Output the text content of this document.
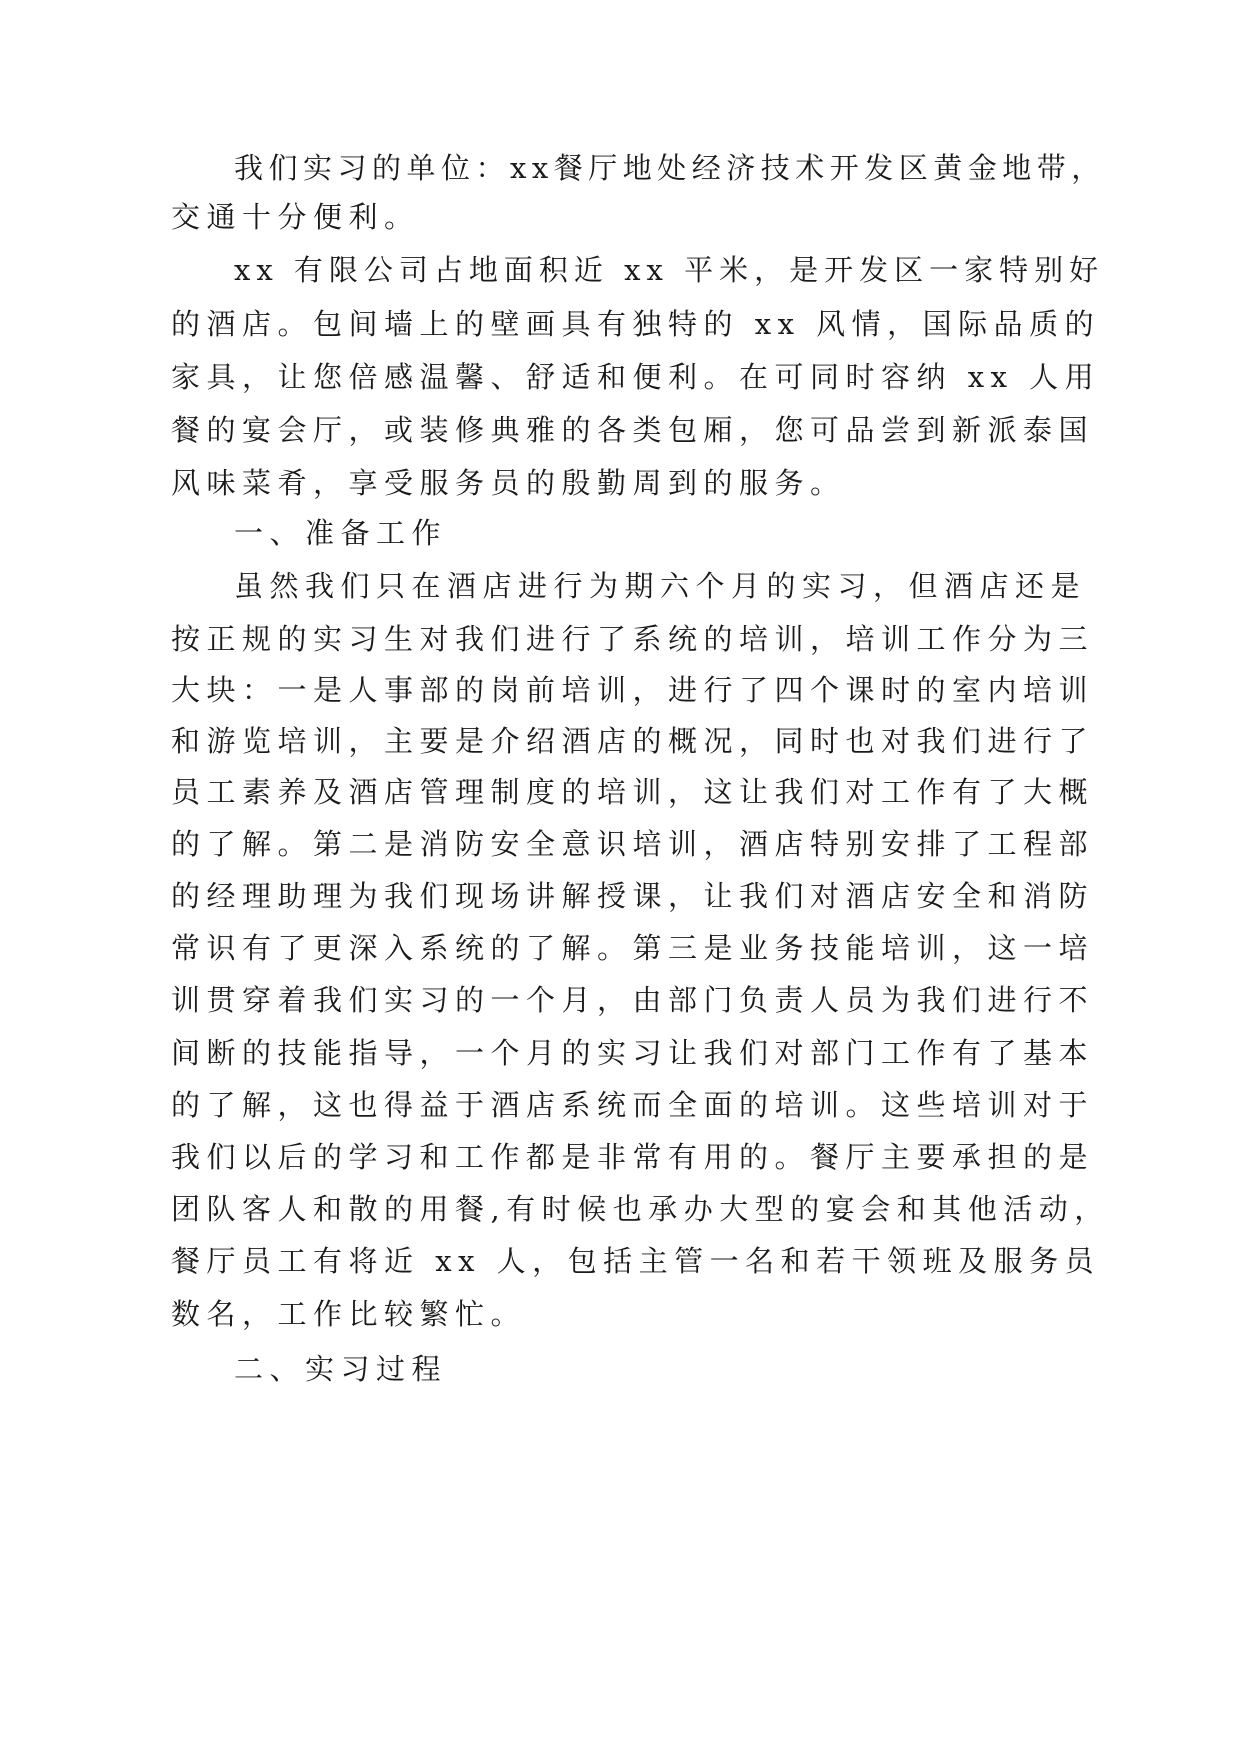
我们实习的单位：xx餐厅地处经济技术开发区黄金地带，

交通十分便利。

xx 有限公司占地面积近 xx 平米，是开发区一家特别好

的酒店。包间墙上的壁画具有独特的 xx 风情，国际品质的

家具，让您倍感温馨、舒适和便利。在可同时容纳 xx 人用

餐的宴会厅，或装修典雅的各类包厢，您可品尝到新派泰国

风味菜肴，享受服务员的殷勤周到的服务。

一、准备工作

虽然我们只在酒店进行为期六个月的实习，但酒店还是

按正规的实习生对我们进行了系统的培训，培训工作分为三

大块：一是人事部的岗前培训，进行了四个课时的室内培训

和游览培训，主要是介绍酒店的概况，同时也对我们进行了

员工素养及酒店管理制度的培训，这让我们对工作有了大概

的了解。第二是消防安全意识培训，酒店特别安排了工程部

的经理助理为我们现场讲解授课，让我们对酒店安全和消防

常识有了更深入系统的了解。第三是业务技能培训，这一培

训贯穿着我们实习的一个月，由部门负责人员为我们进行不

间断的技能指导，一个月的实习让我们对部门工作有了基本

的了解，这也得益于酒店系统而全面的培训。这些培训对于

我们以后的学习和工作都是非常有用的。餐厅主要承担的是

团队客人和散的用餐,有时候也承办大型的宴会和其他活动，

餐厅员工有将近 xx 人，包括主管一名和若干领班及服务员

数名，工作比较繁忙。

二、实习过程
